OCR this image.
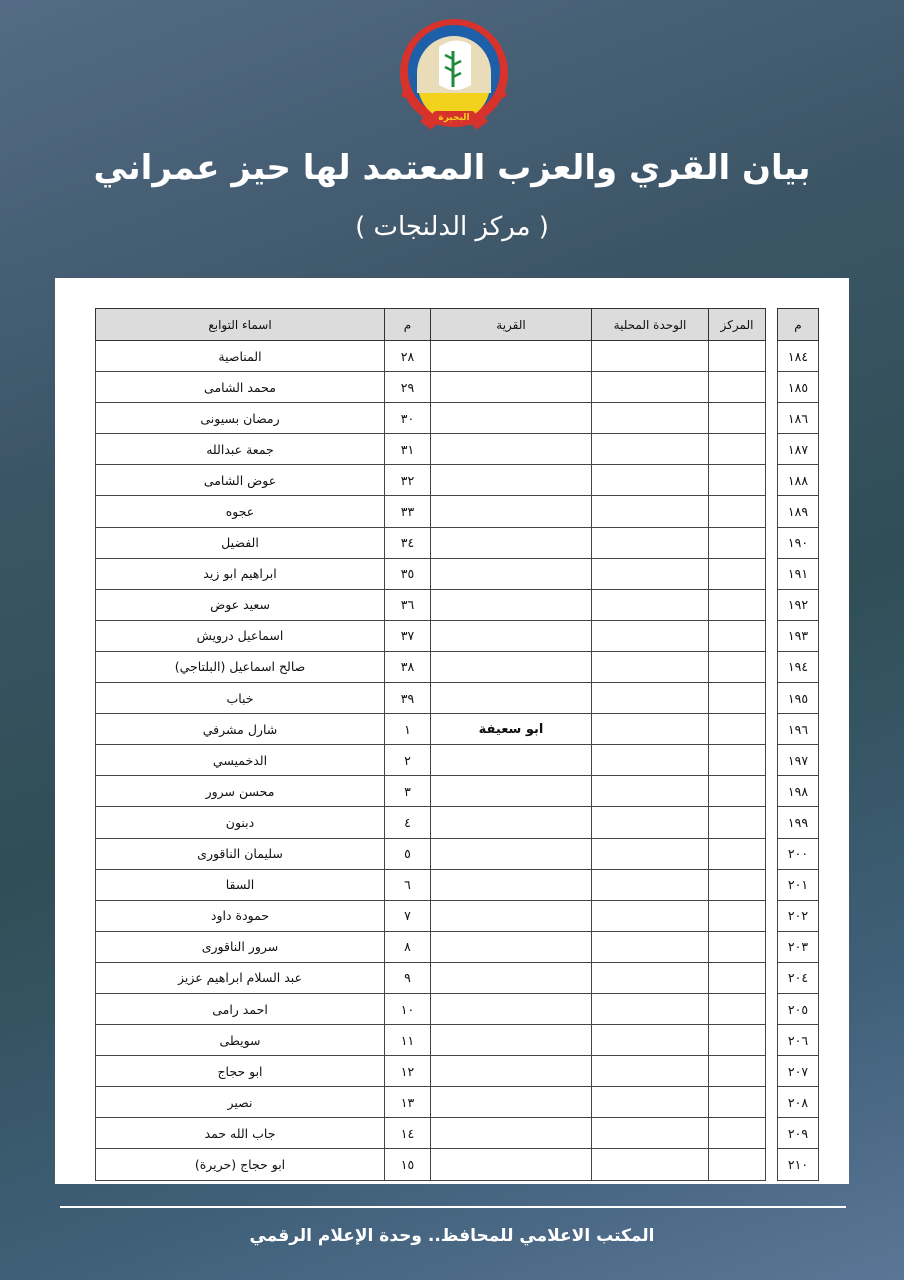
البحيرة
بيان القري والعزب المعتمد لها حيز عمراني
( مركز الدلنجات )
م		المركز	الوحدة المحلية	القرية	م	اسماء التوابع
١٨٤					٢٨	المناصية
١٨٥					٢٩	محمد الشامى
١٨٦					٣٠	رمضان بسيونى
١٨٧					٣١	جمعة عبدالله
١٨٨					٣٢	عوض الشامى
١٨٩					٣٣	عجوه
١٩٠					٣٤	الفضيل
١٩١					٣٥	ابراهيم ابو زيد
١٩٢					٣٦	سعيد عوض
١٩٣					٣٧	اسماعيل درويش
١٩٤					٣٨	صالح اسماعيل (البلتاجي)
١٩٥					٣٩	خباب
١٩٦				ابو سعيفة	١	شارل مشرفي
١٩٧					٢	الدخميسي
١٩٨					٣	محسن سرور
١٩٩					٤	دبنون
٢٠٠					٥	سليمان الناقورى
٢٠١					٦	السقا
٢٠٢					٧	حمودة داود
٢٠٣					٨	سرور الناقورى
٢٠٤					٩	عبد السلام ابراهيم عزيز
٢٠٥					١٠	احمد رامى
٢٠٦					١١	سويطى
٢٠٧					١٢	ابو حجاج
٢٠٨					١٣	نصير
٢٠٩					١٤	جاب الله حمد
٢١٠					١٥	ابو حجاج (حريرة)
المكتب الاعلامي للمحافظ.. وحدة الإعلام الرقمي
